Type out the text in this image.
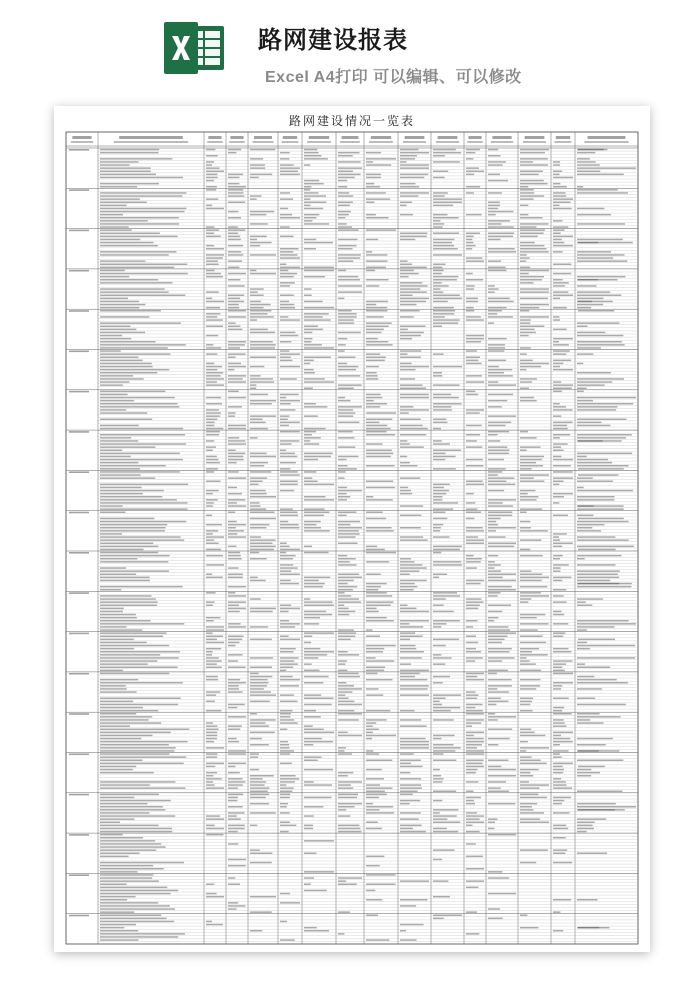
路网建设报表
Excel A4打印 可以编辑、可以修改
路网建设情况一览表
